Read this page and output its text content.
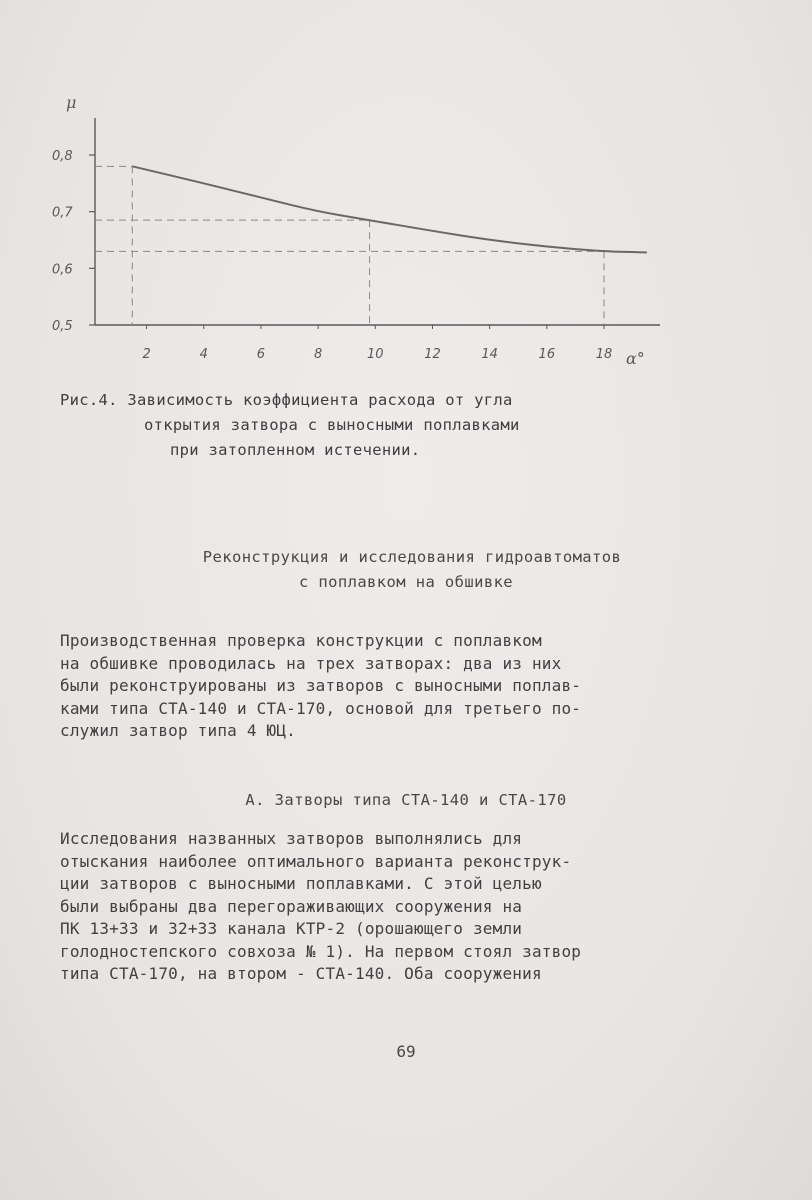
μ
α°
0,5
0,6
0,7
0,8
2	4	6	8	10	12	14	16	18
Рис.4. Зависимость коэффициента расхода от угла
открытия затвора с выносными поплавками
при затопленном истечении.
Реконструкция и исследования гидроавтоматов
с поплавком на обшивке
Производственная проверка конструкции с поплавком
на обшивке проводилась на трех затворах: два из них
были реконструированы из затворов с выносными поплав-
ками типа СТА-140 и СТА-170, основой для третьего по-
служил затвор типа 4 ЮЦ.
А. Затворы типа СТА-140 и СТА-170
Исследования названных затворов выполнялись для
отыскания наиболее оптимального варианта реконструк-
ции затворов с выносными поплавками. С этой целью
были выбраны два перегораживающих сооружения на
ПК 13+33 и 32+33 канала КТР-2 (орошающего земли
голодностепского совхоза № 1). На первом стоял затвор
типа СТА-170, на втором - СТА-140. Оба сооружения
69
